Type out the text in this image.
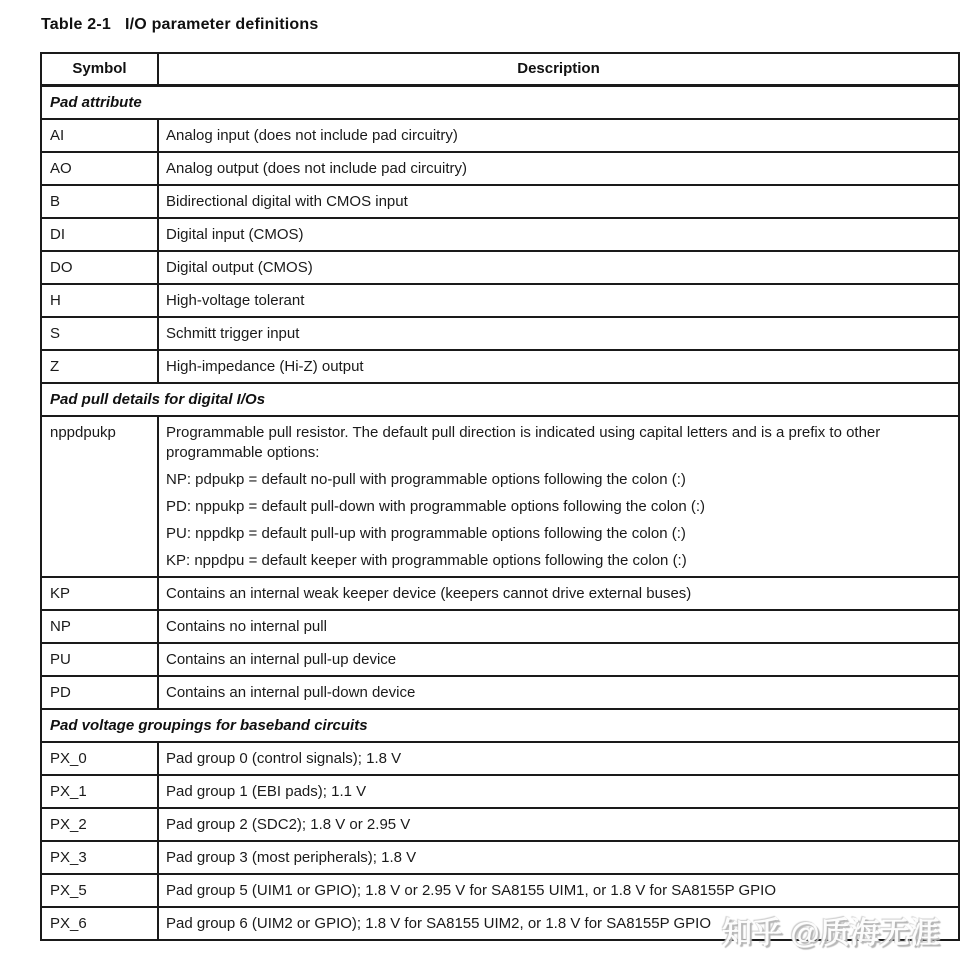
Table 2-1 I/O parameter definitions
Symbol	Description
Pad attribute	
AI	Analog input (does not include pad circuitry)

AO	Analog output (does not include pad circuitry)

B	Bidirectional digital with CMOS input

DI	Digital input (CMOS)

DO	Digital output (CMOS)

H	High-voltage tolerant

S	Schmitt trigger input

Z	High-impedance (Hi-Z) output

Pad pull details for digital I/Os	
nppdpukp	Programmable pull resistor. The default pull direction is indicated using capital letters and is a prefix to other programmable options:

NP: pdpukp = default no-pull with programmable options following the colon (:)

PD: nppukp = default pull-down with programmable options following the colon (:)

PU: nppdkp = default pull-up with programmable options following the colon (:)

KP: nppdpu = default keeper with programmable options following the colon (:)

KP	Contains an internal weak keeper device (keepers cannot drive external buses)

NP	Contains no internal pull

PU	Contains an internal pull-up device

PD	Contains an internal pull-down device

Pad voltage groupings for baseband circuits	
PX_0	Pad group 0 (control signals); 1.8 V

PX_1	Pad group 1 (EBI pads); 1.1 V

PX_2	Pad group 2 (SDC2); 1.8 V or 2.95 V

PX_3	Pad group 3 (most peripherals); 1.8 V

PX_5	Pad group 5 (UIM1 or GPIO); 1.8 V or 2.95 V for SA8155 UIM1, or 1.8 V for SA8155P GPIO

PX_6	Pad group 6 (UIM2 or GPIO); 1.8 V for SA8155 UIM2, or 1.8 V for SA8155P GPIO 知乎 @质海无涯
